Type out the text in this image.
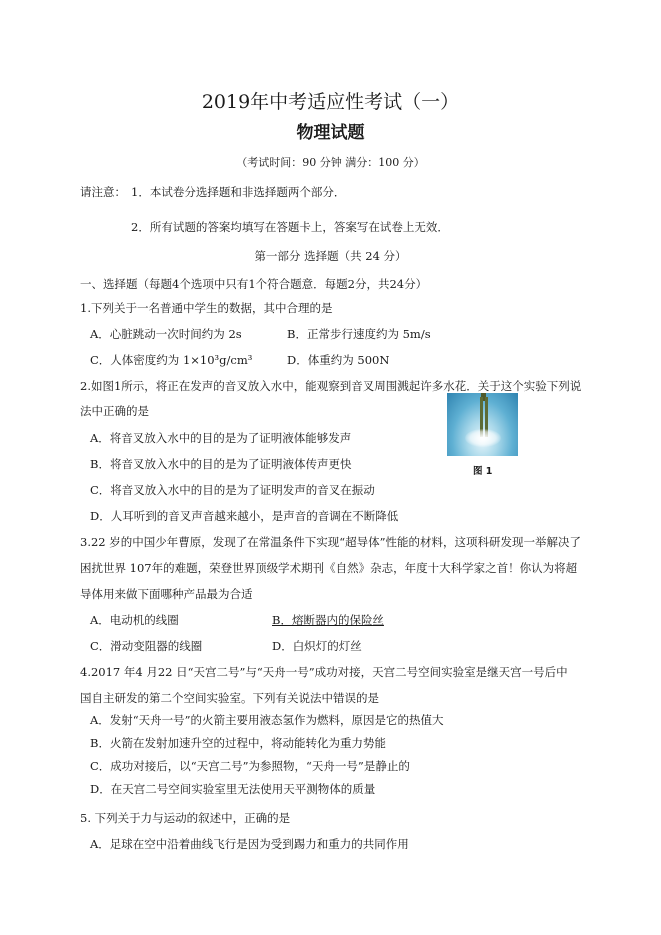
2019年中考适应性考试（一）
物理试题
（考试时间：90 分钟 满分：100 分）
请注意： 1．本试卷分选择题和非选择题两个部分．
2．所有试题的答案均填写在答题卡上，答案写在试卷上无效．
第一部分 选择题（共 24 分）
一、选择题（每题4个选项中只有1个符合题意．每题2分，共24分）
1.下列关于一名普通中学生的数据，其中合理的是
A．心脏跳动一次时间约为 2s	B．正常步行速度约为 5m/s
C．人体密度约为 1×10³g/cm³	D．体重约为 500N
2.如图1所示，将正在发声的音叉放入水中，能观察到音叉周围溅起许多水花．关于这个实验下列说
法中正确的是
A．将音叉放入水中的目的是为了证明液体能够发声
B．将音叉放入水中的目的是为了证明液体传声更快
C．将音叉放入水中的目的是为了证明发声的音叉在振动
D．人耳听到的音叉声音越来越小，是声音的音调在不断降低
图 1
3.22 岁的中国少年曹原，发现了在常温条件下实现“超导体”性能的材料，这项科研发现一举解决了
困扰世界 107年的难题，荣登世界顶级学术期刊《自然》杂志，年度十大科学家之首！你认为将超
导体用来做下面哪种产品最为合适
A．电动机的线圈	B．熔断器内的保险丝
C．滑动变阻器的线圈	D．白炽灯的灯丝
4.2017 年4 月22 日“天宫二号”与“天舟一号”成功对接，天宫二号空间实验室是继天宫一号后中
国自主研发的第二个空间实验室。下列有关说法中错误的是
A．发射“天舟一号”的火箭主要用液态氢作为燃料，原因是它的热值大
B．火箭在发射加速升空的过程中，将动能转化为重力势能
C．成功对接后，以“天宫二号”为参照物，“天舟一号”是静止的
D．在天宫二号空间实验室里无法使用天平测物体的质量
5. 下列关于力与运动的叙述中，正确的是
A．足球在空中沿着曲线飞行是因为受到踢力和重力的共同作用
